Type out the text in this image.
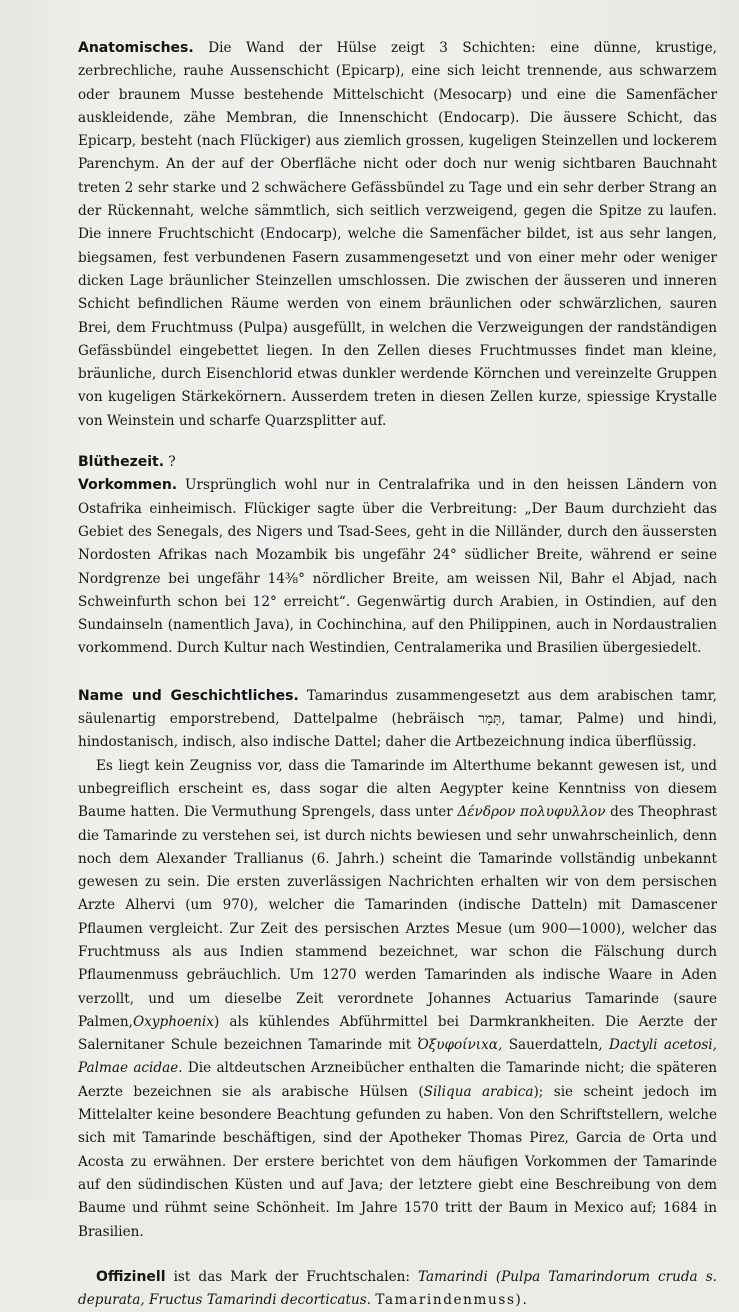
Anatomisches. Die Wand der Hülse zeigt 3 Schichten: eine dünne, krustige, zerbrechliche, rauhe Aussenschicht (Epicarp), eine sich leicht trennende, aus schwarzem oder braunem Musse bestehende Mittelschicht (Mesocarp) und eine die Samenfächer auskleidende, zähe Membran, die Innenschicht (Endocarp). Die äussere Schicht, das Epicarp, besteht (nach Flückiger) aus ziemlich grossen, kugeligen Steinzellen und lockerem Parenchym. An der auf der Oberfläche nicht oder doch nur wenig sichtbaren Bauchnaht treten 2 sehr starke und 2 schwächere Gefässbündel zu Tage und ein sehr derber Strang an der Rückennaht, welche sämmtlich, sich seitlich verzweigend, gegen die Spitze zu laufen. Die innere Fruchtschicht (Endocarp), welche die Samenfächer bildet, ist aus sehr langen, biegsamen, fest verbundenen Fasern zusammengesetzt und von einer mehr oder weniger dicken Lage bräunlicher Steinzellen umschlossen. Die zwischen der äusseren und inneren Schicht befindlichen Räume werden von einem bräunlichen oder schwärzlichen, sauren Brei, dem Fruchtmuss (Pulpa) ausgefüllt, in welchen die Verzweigungen der randständigen Gefässbündel eingebettet liegen. In den Zellen dieses Fruchtmusses findet man kleine, bräunliche, durch Eisenchlorid etwas dunkler werdende Körnchen und vereinzelte Gruppen von kugeligen Stärkekörnern. Ausserdem treten in diesen Zellen kurze, spiessige Krystalle von Weinstein und scharfe Quarzsplitter auf.

Blüthezeit. ?

Vorkommen. Ursprünglich wohl nur in Centralafrika und in den heissen Ländern von Ostafrika einheimisch. Flückiger sagte über die Verbreitung: „Der Baum durchzieht das Gebiet des Senegals, des Nigers und Tsad-Sees, geht in die Nilländer, durch den äussersten Nordosten Afrikas nach Mozambik bis ungefähr 24° südlicher Breite, während er seine Nordgrenze bei ungefähr 14⅜° nördlicher Breite, am weissen Nil, Bahr el Abjad, nach Schweinfurth schon bei 12° erreicht“. Gegenwärtig durch Arabien, in Ostindien, auf den Sundainseln (namentlich Java), in Cochinchina, auf den Philippinen, auch in Nordaustralien vorkommend. Durch Kultur nach Westindien, Centralamerika und Brasilien übergesiedelt.

Name und Geschichtliches. Tamarindus zusammengesetzt aus dem arabischen tamr, säulenartig emporstrebend, Dattelpalme (hebräisch תָּמָר, tamar, Palme) und hindi, hindostanisch, indisch, also indische Dattel; daher die Artbezeichnung indica überflüssig.

Es liegt kein Zeugniss vor, dass die Tamarinde im Alterthume bekannt gewesen ist, und unbegreiflich erscheint es, dass sogar die alten Aegypter keine Kenntniss von diesem Baume hatten. Die Vermuthung Sprengels, dass unter Δένδρον πολυφυλλον des Theophrast die Tamarinde zu verstehen sei, ist durch nichts bewiesen und sehr unwahrscheinlich, denn noch dem Alexander Trallianus (6. Jahrh.) scheint die Tamarinde vollständig unbekannt gewesen zu sein. Die ersten zuverlässigen Nachrichten erhalten wir von dem persischen Arzte Alhervi (um 970), welcher die Tamarinden (indische Datteln) mit Damascener Pflaumen vergleicht. Zur Zeit des persischen Arztes Mesue (um 900—1000), welcher das Fruchtmuss als aus Indien stammend bezeichnet, war schon die Fälschung durch Pflaumenmuss gebräuchlich. Um 1270 werden Tamarinden als indische Waare in Aden verzollt, und um dieselbe Zeit verordnete Johannes Actuarius Tamarinde (saure Palmen,Oxyphoenix) als kühlendes Abführmittel bei Darmkrankheiten. Die Aerzte der Salernitaner Schule bezeichnen Tamarinde mit Ὀξυφοίνιxα, Sauerdatteln, Dactyli acetosi, Palmae acidae. Die altdeutschen Arzneibücher enthalten die Tamarinde nicht; die späteren Aerzte bezeichnen sie als arabische Hülsen (Siliqua arabica); sie scheint jedoch im Mittelalter keine besondere Beachtung gefunden zu haben. Von den Schriftstellern, welche sich mit Tamarinde beschäftigen, sind der Apotheker Thomas Pirez, Garcia de Orta und Acosta zu erwähnen. Der erstere berichtet von dem häufigen Vorkommen der Tamarinde auf den südindischen Küsten und auf Java; der letztere giebt eine Beschreibung von dem Baume und rühmt seine Schönheit. Im Jahre 1570 tritt der Baum in Mexico auf; 1684 in Brasilien.

Offizinell ist das Mark der Fruchtschalen: Tamarindi (Pulpa Tamarindorum cruda s. depurata, Fructus Tamarindi decorticatus. Tamarindenmuss).
